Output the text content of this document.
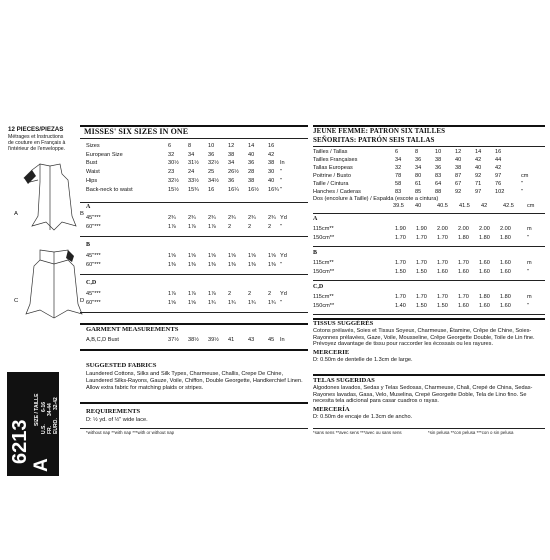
12 PIECES/PIEZAS
Métrages et Instructions de couture en Français à l'intérieur de l'enveloppe.
A	B
C	D
6213
A
SIZE / TAILLE
U.S.
6-16
FR.
34-44
EURO.
32-42
MISSES' SIX SIZES IN ONE
Sizes	6	8	10 12 14 16
European Size	32 34 36 38 40 42
Bust	30½ 31½ 32½ 34 36 38 In
Waist	23 24 25 26½ 28 30 "
Hips	32½ 33½ 34½ 36 38 40 "
Back-neck to waist	15½ 15¾ 16 16¼ 16½ 16¾ "
A
45"***	2¾ 2¾ 2¾ 2¾ 2¾ 2¾ Yd
60"***	1⅞ 1⅞ 1⅞ 2	2	2 "
B
45"***	1⅝ 1⅝ 1⅝ 1⅝ 1⅝ 1⅝ Yd
60"***	1⅜ 1⅜ 1⅜ 1⅜ 1⅜ 1⅜ "
C,D
45"***	1⅞ 1⅞ 1⅞ 2	2	2 Yd
60"***	1⅝ 1⅝ 1¾ 1¾ 1¾ 1¾ "
GARMENT MEASUREMENTS
A,B,C,D Bust	37½ 38½ 39½ 41 43 45 In
SUGGESTED FABRICS
Laundered Cottons, Silks and Silk Types, Charmeuse, Challis, Crepe De Chine, Laundered Silks-Rayons, Gauze, Voile, Chiffon, Double Georgette, Handkerchief Linen. Allow extra fabric for matching plaids or stripes.
REQUIREMENTS
D: ½ yd. of ½" wide lace.
*without nap **with nap ***with or without nap
JEUNE FEMME: PATRON SIX TAILLES
SEÑORITAS: PATRÓN SEIS TALLAS
Tailles / Tallas	6	8	10 12 14 16
Tailles Françaises	34 36 38 40 42 44
Tallas Europeas	32 34 36 38 40 42
Poitrine / Busto	78 80 83 87 92 97	cm
Taille / Cintura	58 61 64 67 71 76	"
Hanches / Caderas	83 85 88 92 97 102	"
Dos (encolure à Taille) / Espalda (escote a cintura)
39.5 40	40.5 41.5 42	42.5 cm
A
115cm**	1.90 1.90 2.00 2.00 2.00 2.00	m
150cm**	1.70 1.70 1.70 1.80 1.80 1.80	"
B
115cm**	1.70 1.70 1.70 1.70 1.60 1.60	m
150cm**	1.50 1.50 1.60 1.60 1.60 1.60	"
C,D
115cm**	1.70 1.70 1.70 1.70 1.80 1.80	m
150cm**	1.40 1.50 1.50 1.60 1.60 1.60	"
TISSUS SUGGÉRÉS
Cotons prélavés, Soies et Tissus Soyeux, Charmeuse, Étamine, Crêpe de Chine, Soies-Rayonnes prélavées, Gaze, Voile, Mousseline, Crêpe Georgette Double, Toile de Lin fine. Prévoyez davantage de tissu pour raccorder les écossais ou les rayures.
MERCERIE
D: 0.50m de dentelle de 1.3cm de large.
TELAS SUGERIDAS
Algodones lavados, Sedas y Telas Sedosas, Charmeuse, Chali, Crepé de China, Sedas-Rayones lavadas, Gasa, Velo, Muselina, Crepé Georgette Doble, Tela de Lino fino. Se necesita tela adicional para casar cuadros o rayas.
MERCERÍA
D: 0.50m de encaje de 1.3cm de ancho.
*sans sens **avec sens ***avec ou sans sens	*sin pelusa **con pelusa ***con o sin pelusa
